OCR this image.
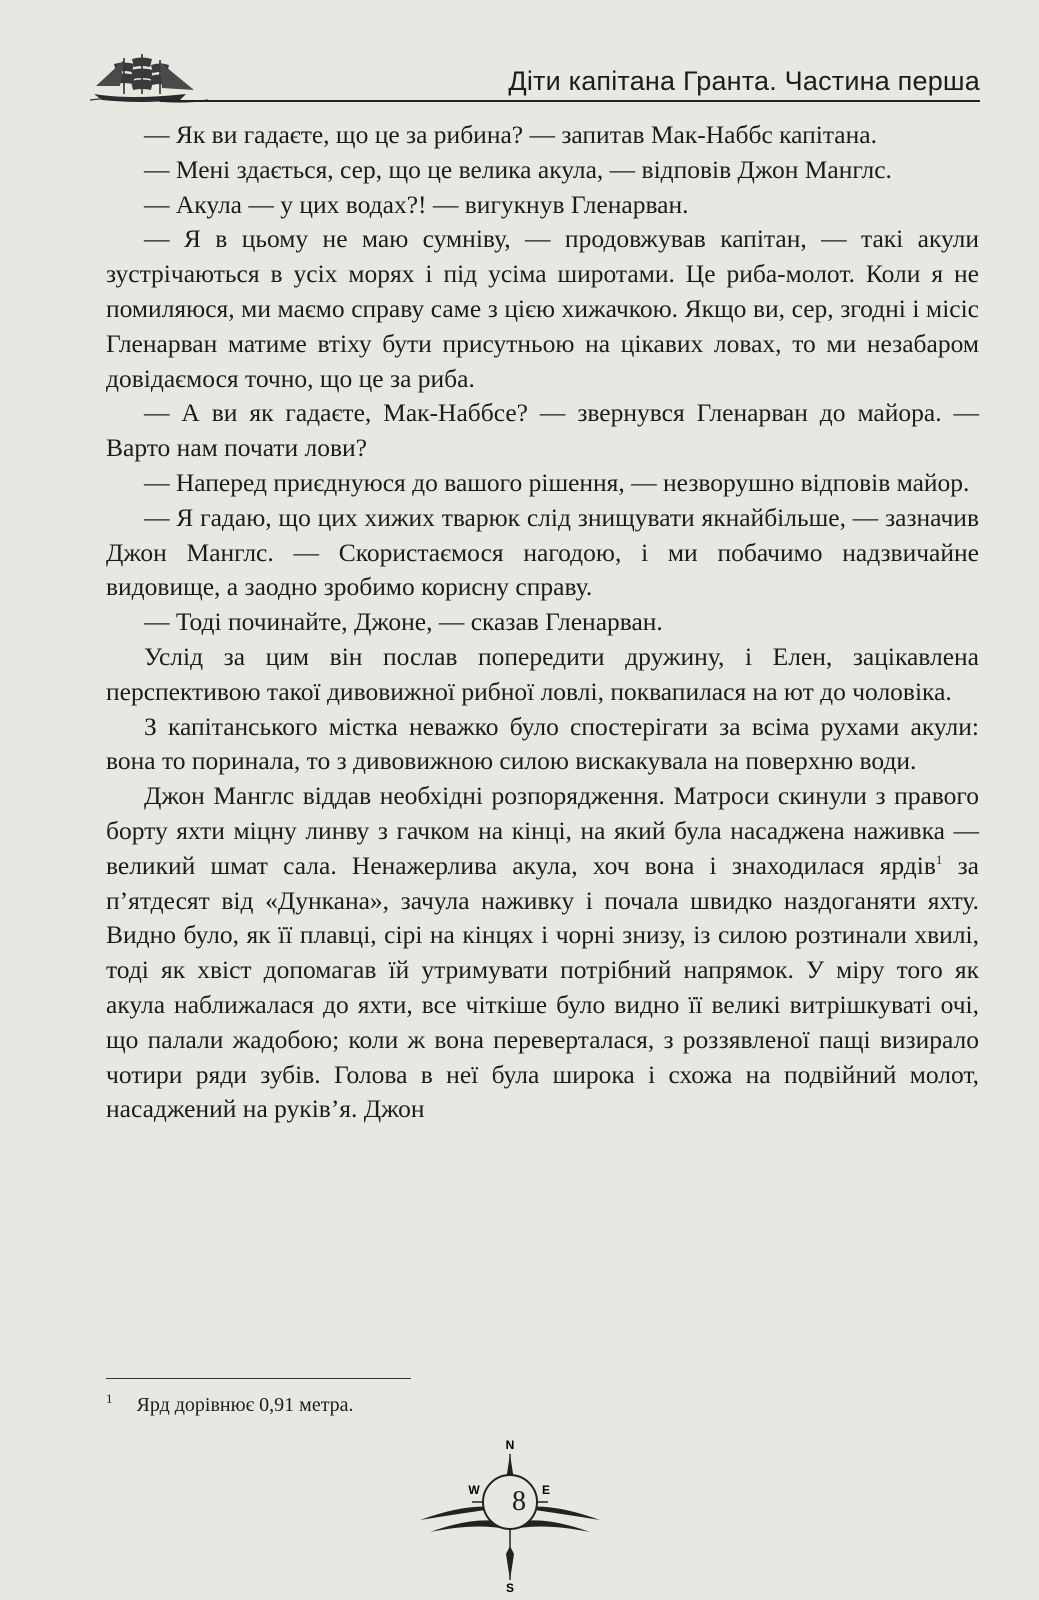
Діти капітана Гранта. Частина перша

— Як ви гадаєте, що це за рибина? — запитав Мак-Наббс капітана.

— Мені здається, сер, що це велика акула, — відповів Джон Манглс.

— Акула — у цих водах?! — вигукнув Гленарван.

— Я в цьому не маю сумніву, — продовжував капітан, — такі акули зустрічаються в усіх морях і під усіма широтами. Це риба-молот. Коли я не помиляюся, ми маємо справу саме з цією хижачкою. Якщо ви, сер, згодні і місіс Гленарван матиме втіху бути присутньою на цікавих ловах, то ми незабаром довідаємося точно, що це за риба.

— А ви як гадаєте, Мак-Наббсе? — звернувся Гленарван до майора. — Варто нам почати лови?

— Наперед приєднуюся до вашого рішення, — незворушно відповів майор.

— Я гадаю, що цих хижих тварюк слід знищувати якнайбільше, — зазначив Джон Манглс. — Скористаємося нагодою, і ми побачимо надзвичайне видовище, а заодно зробимо корисну справу.

— Тоді починайте, Джоне, — сказав Гленарван.

Услід за цим він послав попередити дружину, і Елен, зацікавлена перспективою такої дивовижної рибної ловлі, поквапилася на ют до чоловіка.

З капітанського містка неважко було спостерігати за всіма рухами акули: вона то поринала, то з дивовижною силою вискакувала на поверхню води.

Джон Манглс віддав необхідні розпорядження. Матроси скинули з правого борту яхти міцну линву з гачком на кінці, на який була насаджена наживка — великий шмат сала. Ненажерлива акула, хоч вона і знаходилася ярдів$^1$ за п’ятдесят від «Дункана», зачула наживку і почала швидко наздоганяти яхту. Видно було, як її плавці, сірі на кінцях і чорні знизу, із силою розтинали хвилі, тоді як хвіст допомагав їй утримувати потрібний напрямок. У міру того як акула наближалася до яхти, все чіткіше було видно її великі витрішкуваті очі, що палали жадобою; коли ж вона переверталася, з роззявленої пащі визирало чотири ряди зубів. Голова в неї була широка і схожа на подвійний молот, насаджений на руків’я. Джон

$^1$ Ярд дорівнює 0,91 метра.
N
S
W	E
8
